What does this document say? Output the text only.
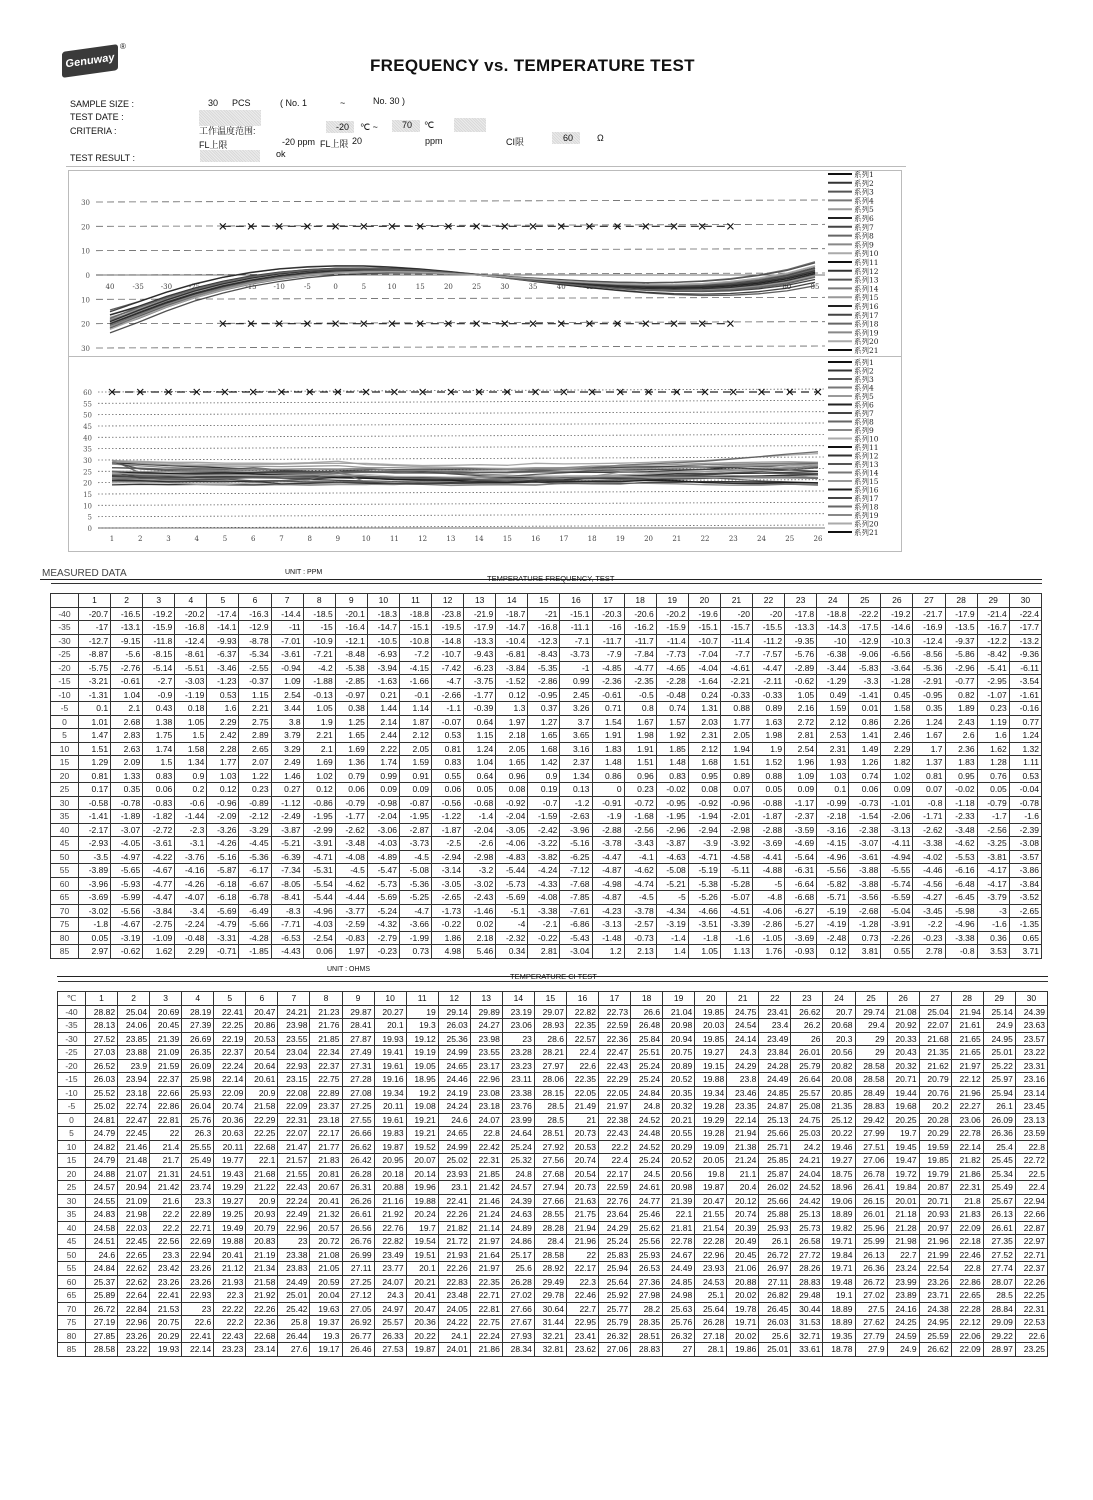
Genuway
®
FREQUENCY vs. TEMPERATURE TEST
SAMPLE SIZE :	30 PCS	( No. 1	~	No. 30 )
TEST DATE :
CRITERIA :	工作温度范围:	-20 ℃ ~	70 ℃
FL上限	-20 ppm FL上限 20	ppm	CI限	60	Ω
TEST RESULT :	ok
30
20
10
0
10
20
30
40	-35 -30 -25 -20 -15 -10	-5	0	5	10	15	20	25	30	35	40	45	50	55	60	65	70	75	80	85
系列1
系列2
系列3
系列4
系列5
系列6
系列7
系列8
系列9
系列10
系列11
系列12
系列13
系列14
系列15
系列16
系列17
系列18
系列19
系列20
系列21
60
55
50
45
40
35
30
25
20
15
10
5
0
1	2	3	4	5	6	7	8	9	10	11	12	13	14	15	16	17	18	19	20	21	22	23	24	25	26
系列1
系列2
系列3
系列4
系列5
系列6
系列7
系列8
系列9
系列10
系列11
系列12
系列13
系列14
系列15
系列16
系列17
系列18
系列19
系列20
系列21
MEASURED DATA	UNIT : PPM
TEMPERATURE FREQUENCY, TEST

	1	2	3	4	5	6	7	8	9	10	11	12	13	14	15	16	17	18	19	20	21	22	23	24	25	26	27	28	29	30
-40	-20.7	-16.5	-19.2	-20.2	-17.4	-16.3	-14.4	-18.5	-20.1	-18.3	-18.8	-23.8	-21.9	-18.7	-21	-15.1	-20.3	-20.6	-20.2	-19.6	-20	-20	-17.8	-18.8	-22.2	-19.2	-21.7	-17.9	-21.4	-22.4
-35	-17	-13.1	-15.9	-16.8	-14.1	-12.9	-11	-15	-16.4	-14.7	-15.1	-19.5	-17.9	-14.7	-16.8	-11.1	-16	-16.2	-15.9	-15.1	-15.7	-15.5	-13.3	-14.3	-17.5	-14.6	-16.9	-13.5	-16.7	-17.7
-30	-12.7	-9.15	-11.8	-12.4	-9.93	-8.78	-7.01	-10.9	-12.1	-10.5	-10.8	-14.8	-13.3	-10.4	-12.3	-7.1	-11.7	-11.7	-11.4	-10.7	-11.4	-11.2	-9.35	-10	-12.9	-10.3	-12.4	-9.37	-12.2	-13.2
-25	-8.87	-5.6	-8.15	-8.61	-6.37	-5.34	-3.61	-7.21	-8.48	-6.93	-7.2	-10.7	-9.43	-6.81	-8.43	-3.73	-7.9	-7.84	-7.73	-7.04	-7.7	-7.57	-5.76	-6.38	-9.06	-6.56	-8.56	-5.86	-8.42	-9.36
-20	-5.75	-2.76	-5.14	-5.51	-3.46	-2.55	-0.94	-4.2	-5.38	-3.94	-4.15	-7.42	-6.23	-3.84	-5.35	-1	-4.85	-4.77	-4.65	-4.04	-4.61	-4.47	-2.89	-3.44	-5.83	-3.64	-5.36	-2.96	-5.41	-6.11
-15	-3.21	-0.61	-2.7	-3.03	-1.23	-0.37	1.09	-1.88	-2.85	-1.63	-1.66	-4.7	-3.75	-1.52	-2.86	0.99	-2.36	-2.35	-2.28	-1.64	-2.21	-2.11	-0.62	-1.29	-3.3	-1.28	-2.91	-0.77	-2.95	-3.54
-10	-1.31	1.04	-0.9	-1.19	0.53	1.15	2.54	-0.13	-0.97	0.21	-0.1	-2.66	-1.77	0.12	-0.95	2.45	-0.61	-0.5	-0.48	0.24	-0.33	-0.33	1.05	0.49	-1.41	0.45	-0.95	0.82	-1.07	-1.61
-5	0.1	2.1	0.43	0.18	1.6	2.21	3.44	1.05	0.38	1.44	1.14	-1.1	-0.39	1.3	0.37	3.26	0.71	0.8	0.74	1.31	0.88	0.89	2.16	1.59	0.01	1.58	0.35	1.89	0.23	-0.16
0	1.01	2.68	1.38	1.05	2.29	2.75	3.8	1.9	1.25	2.14	1.87	-0.07	0.64	1.97	1.27	3.7	1.54	1.67	1.57	2.03	1.77	1.63	2.72	2.12	0.86	2.26	1.24	2.43	1.19	0.77
5	1.47	2.83	1.75	1.5	2.42	2.89	3.79	2.21	1.65	2.44	2.12	0.53	1.15	2.18	1.65	3.65	1.91	1.98	1.92	2.31	2.05	1.98	2.81	2.53	1.41	2.46	1.67	2.6	1.6	1.24
10	1.51	2.63	1.74	1.58	2.28	2.65	3.29	2.1	1.69	2.22	2.05	0.81	1.24	2.05	1.68	3.16	1.83	1.91	1.85	2.12	1.94	1.9	2.54	2.31	1.49	2.29	1.7	2.36	1.62	1.32
15	1.29	2.09	1.5	1.34	1.77	2.07	2.49	1.69	1.36	1.74	1.59	0.83	1.04	1.65	1.42	2.37	1.48	1.51	1.48	1.68	1.51	1.52	1.96	1.93	1.26	1.82	1.37	1.83	1.28	1.11
20	0.81	1.33	0.83	0.9	1.03	1.22	1.46	1.02	0.79	0.99	0.91	0.55	0.64	0.96	0.9	1.34	0.86	0.96	0.83	0.95	0.89	0.88	1.09	1.03	0.74	1.02	0.81	0.95	0.76	0.53
25	0.17	0.35	0.06	0.2	0.12	0.23	0.27	0.12	0.06	0.09	0.09	0.06	0.05	0.08	0.19	0.13	0	0.23	-0.02	0.08	0.07	0.05	0.09	0.1	0.06	0.09	0.07	-0.02	0.05	-0.04
30	-0.58	-0.78	-0.83	-0.6	-0.96	-0.89	-1.12	-0.86	-0.79	-0.98	-0.87	-0.56	-0.68	-0.92	-0.7	-1.2	-0.91	-0.72	-0.95	-0.92	-0.96	-0.88	-1.17	-0.99	-0.73	-1.01	-0.8	-1.18	-0.79	-0.78
35	-1.41	-1.89	-1.82	-1.44	-2.09	-2.12	-2.49	-1.95	-1.77	-2.04	-1.95	-1.22	-1.4	-2.04	-1.59	-2.63	-1.9	-1.68	-1.95	-1.94	-2.01	-1.87	-2.37	-2.18	-1.54	-2.06	-1.71	-2.33	-1.7	-1.6
40	-2.17	-3.07	-2.72	-2.3	-3.26	-3.29	-3.87	-2.99	-2.62	-3.06	-2.87	-1.87	-2.04	-3.05	-2.42	-3.96	-2.88	-2.56	-2.96	-2.94	-2.98	-2.88	-3.59	-3.16	-2.38	-3.13	-2.62	-3.48	-2.56	-2.39
45	-2.93	-4.05	-3.61	-3.1	-4.26	-4.45	-5.21	-3.91	-3.48	-4.03	-3.73	-2.5	-2.6	-4.06	-3.22	-5.16	-3.78	-3.43	-3.87	-3.9	-3.92	-3.69	-4.69	-4.15	-3.07	-4.11	-3.38	-4.62	-3.25	-3.08
50	-3.5	-4.97	-4.22	-3.76	-5.16	-5.36	-6.39	-4.71	-4.08	-4.89	-4.5	-2.94	-2.98	-4.83	-3.82	-6.25	-4.47	-4.1	-4.63	-4.71	-4.58	-4.41	-5.64	-4.96	-3.61	-4.94	-4.02	-5.53	-3.81	-3.57
55	-3.89	-5.65	-4.67	-4.16	-5.87	-6.17	-7.34	-5.31	-4.5	-5.47	-5.08	-3.14	-3.2	-5.44	-4.24	-7.12	-4.87	-4.62	-5.08	-5.19	-5.11	-4.88	-6.31	-5.56	-3.88	-5.55	-4.46	-6.16	-4.17	-3.86
60	-3.96	-5.93	-4.77	-4.26	-6.18	-6.67	-8.05	-5.54	-4.62	-5.73	-5.36	-3.05	-3.02	-5.73	-4.33	-7.68	-4.98	-4.74	-5.21	-5.38	-5.28	-5	-6.64	-5.82	-3.88	-5.74	-4.56	-6.48	-4.17	-3.84
65	-3.69	-5.99	-4.47	-4.07	-6.18	-6.78	-8.41	-5.44	-4.44	-5.69	-5.25	-2.65	-2.43	-5.69	-4.08	-7.85	-4.87	-4.5	-5	-5.26	-5.07	-4.8	-6.68	-5.71	-3.56	-5.59	-4.27	-6.45	-3.79	-3.52
70	-3.02	-5.56	-3.84	-3.4	-5.69	-6.49	-8.3	-4.96	-3.77	-5.24	-4.7	-1.73	-1.46	-5.1	-3.38	-7.61	-4.23	-3.78	-4.34	-4.66	-4.51	-4.06	-6.27	-5.19	-2.68	-5.04	-3.45	-5.98	-3	-2.65
75	-1.8	-4.67	-2.75	-2.24	-4.79	-5.66	-7.71	-4.03	-2.59	-4.32	-3.66	-0.22	0.02	-4	-2.1	-6.86	-3.13	-2.57	-3.19	-3.51	-3.39	-2.86	-5.27	-4.19	-1.28	-3.91	-2.2	-4.96	-1.6	-1.35
80	0.05	-3.19	-1.09	-0.48	-3.31	-4.28	-6.53	-2.54	-0.83	-2.79	-1.99	1.86	2.18	-2.32	-0.22	-5.43	-1.48	-0.73	-1.4	-1.8	-1.6	-1.05	-3.69	-2.48	0.73	-2.26	-0.23	-3.38	0.36	0.65
85	2.97	-0.62	1.62	2.29	-0.71	-1.85	-4.43	0.06	1.97	-0.23	0.73	4.98	5.46	0.34	2.81	-3.04	1.2	2.13	1.4	1.05	1.13	1.76	-0.93	0.12	3.81	0.55	2.78	-0.8	3.53	3.71
UNIT : OHMS
TEMPERATURE CI TEST

℃	1	2	3	4	5	6	7	8	9	10	11	12	13	14	15	16	17	18	19	20	21	22	23	24	25	26	27	28	29	30
-40	28.82	25.04	20.69	28.19	22.41	20.47	24.21	21.23	29.87	20.27	19	29.14	29.89	23.19	29.07	22.82	22.73	26.6	21.04	19.85	24.75	23.41	26.62	20.7	29.74	21.08	25.04	21.94	25.14	24.39
-35	28.13	24.06	20.45	27.39	22.25	20.86	23.98	21.76	28.41	20.1	19.3	26.03	24.27	23.06	28.93	22.35	22.59	26.48	20.98	20.03	24.54	23.4	26.2	20.68	29.4	20.92	22.07	21.61	24.9	23.63
-30	27.52	23.85	21.39	26.69	22.19	20.53	23.55	21.85	27.87	19.93	19.12	25.36	23.98	23	28.6	22.57	22.36	25.84	20.94	19.85	24.14	23.49	26	20.3	29	20.33	21.68	21.65	24.95	23.57
-25	27.03	23.88	21.09	26.35	22.37	20.54	23.04	22.34	27.49	19.41	19.19	24.99	23.55	23.28	28.21	22.4	22.47	25.51	20.75	19.27	24.3	23.84	26.01	20.56	29	20.43	21.35	21.65	25.01	23.22
-20	26.52	23.9	21.59	26.09	22.24	20.64	22.93	22.37	27.31	19.61	19.05	24.65	23.17	23.23	27.97	22.6	22.43	25.24	20.89	19.15	24.29	24.28	25.79	20.82	28.58	20.32	21.62	21.97	25.22	23.31
-15	26.03	23.94	22.37	25.98	22.14	20.61	23.15	22.75	27.28	19.16	18.95	24.46	22.96	23.11	28.06	22.35	22.29	25.24	20.52	19.88	23.8	24.49	26.64	20.08	28.58	20.71	20.79	22.12	25.97	23.16
-10	25.52	23.18	22.66	25.93	22.09	20.9	22.08	22.89	27.08	19.34	19.2	24.19	23.08	23.38	28.15	22.05	22.05	24.84	20.35	19.34	23.46	24.85	25.57	20.85	28.49	19.44	20.76	21.96	25.94	23.14
-5	25.02	22.74	22.86	26.04	20.74	21.58	22.09	23.37	27.25	20.11	19.08	24.24	23.18	23.76	28.5	21.49	21.97	24.8	20.32	19.28	23.35	24.87	25.08	21.35	28.83	19.68	20.2	22.27	26.1	23.45
0	24.81	22.47	22.81	25.76	20.36	22.29	22.31	23.18	27.55	19.61	19.21	24.6	24.07	23.99	28.5	21	22.38	24.52	20.21	19.29	22.14	25.13	24.75	25.12	29.42	20.25	20.28	23.06	26.09	23.13
5	24.79	22.45	22	26.3	20.63	22.25	22.07	22.17	26.66	19.83	19.21	24.65	22.8	24.64	28.51	20.73	22.43	24.48	20.55	19.28	21.94	25.66	25.03	20.22	27.99	19.7	20.29	22.78	26.36	23.59
10	24.82	21.46	21.4	25.55	20.11	22.68	21.47	21.77	26.62	19.87	19.52	24.99	22.42	25.24	27.92	20.53	22.2	24.52	20.29	19.09	21.38	25.71	24.2	19.46	27.51	19.45	19.59	22.14	25.4	22.8
15	24.79	21.48	21.7	25.49	19.77	22.1	21.57	21.83	26.42	20.95	20.07	25.02	22.31	25.32	27.56	20.74	22.4	25.24	20.52	20.05	21.24	25.85	24.21	19.27	27.06	19.47	19.85	21.82	25.45	22.72
20	24.88	21.07	21.31	24.51	19.43	21.68	21.55	20.81	26.28	20.18	20.14	23.93	21.85	24.8	27.68	20.54	22.17	24.5	20.56	19.8	21.1	25.87	24.04	18.75	26.78	19.72	19.79	21.86	25.34	22.5
25	24.57	20.94	21.42	23.74	19.29	21.22	22.43	20.67	26.31	20.88	19.96	23.1	21.42	24.57	27.94	20.73	22.59	24.61	20.98	19.87	20.4	26.02	24.52	18.96	26.41	19.84	20.87	22.31	25.49	22.4
30	24.55	21.09	21.6	23.3	19.27	20.9	22.24	20.41	26.26	21.16	19.88	22.41	21.46	24.39	27.66	21.63	22.76	24.77	21.39	20.47	20.12	25.66	24.42	19.06	26.15	20.01	20.71	21.8	25.67	22.94
35	24.83	21.98	22.2	22.89	19.25	20.93	22.49	21.32	26.61	21.92	20.24	22.26	21.24	24.63	28.55	21.75	23.64	25.46	22.1	21.55	20.74	25.88	25.13	18.89	26.01	21.18	20.93	21.83	26.13	22.66
40	24.58	22.03	22.2	22.71	19.49	20.79	22.96	20.57	26.56	22.76	19.7	21.82	21.14	24.89	28.28	21.94	24.29	25.62	21.81	21.54	20.39	25.93	25.73	19.82	25.96	21.28	20.97	22.09	26.61	22.87
45	24.51	22.45	22.56	22.69	19.88	20.83	23	20.72	26.76	22.82	19.54	21.72	21.97	24.86	28.4	21.96	25.24	25.56	22.78	22.28	20.49	26.1	26.58	19.71	25.99	21.98	21.96	22.18	27.35	22.97
50	24.6	22.65	23.3	22.94	20.41	21.19	23.38	21.08	26.99	23.49	19.51	21.93	21.64	25.17	28.58	22	25.83	25.93	24.67	22.96	20.45	26.72	27.72	19.84	26.13	22.7	21.99	22.46	27.52	22.71
55	24.84	22.62	23.42	23.26	21.12	21.34	23.83	21.05	27.11	23.77	20.1	22.26	21.97	25.6	28.92	22.17	25.94	26.53	24.49	23.93	21.06	26.97	28.26	19.71	26.36	23.24	22.54	22.8	27.74	22.37
60	25.37	22.62	23.26	23.26	21.93	21.58	24.49	20.59	27.25	24.07	20.21	22.83	22.35	26.28	29.49	22.3	25.64	27.36	24.85	24.53	20.88	27.11	28.83	19.48	26.72	23.99	23.26	22.86	28.07	22.26
65	25.89	22.64	22.41	22.93	22.3	21.92	25.01	20.04	27.12	24.3	20.41	23.48	22.71	27.02	29.78	22.46	25.92	27.98	24.98	25.1	20.02	26.82	29.48	19.1	27.02	23.89	23.71	22.65	28.5	22.25
70	26.72	22.84	21.53	23	22.22	22.26	25.42	19.63	27.05	24.97	20.47	24.05	22.81	27.66	30.64	22.7	25.77	28.2	25.63	25.64	19.78	26.45	30.44	18.89	27.5	24.16	24.38	22.28	28.84	22.31
75	27.19	22.96	20.75	22.6	22.2	22.36	25.8	19.37	26.92	25.57	20.36	24.22	22.75	27.67	31.44	22.95	25.79	28.35	25.76	26.28	19.71	26.03	31.53	18.89	27.62	24.25	24.95	22.12	29.09	22.53
80	27.85	23.26	20.29	22.41	22.43	22.68	26.44	19.3	26.77	26.33	20.22	24.1	22.24	27.93	32.21	23.41	26.32	28.51	26.32	27.18	20.02	25.6	32.71	19.35	27.79	24.59	25.59	22.06	29.22	22.6
85	28.58	23.22	19.93	22.14	23.23	23.14	27.6	19.17	26.46	27.53	19.87	24.01	21.86	28.34	32.81	23.62	27.06	28.83	27	28.1	19.86	25.01	33.61	18.78	27.9	24.9	26.62	22.09	28.97	23.25
